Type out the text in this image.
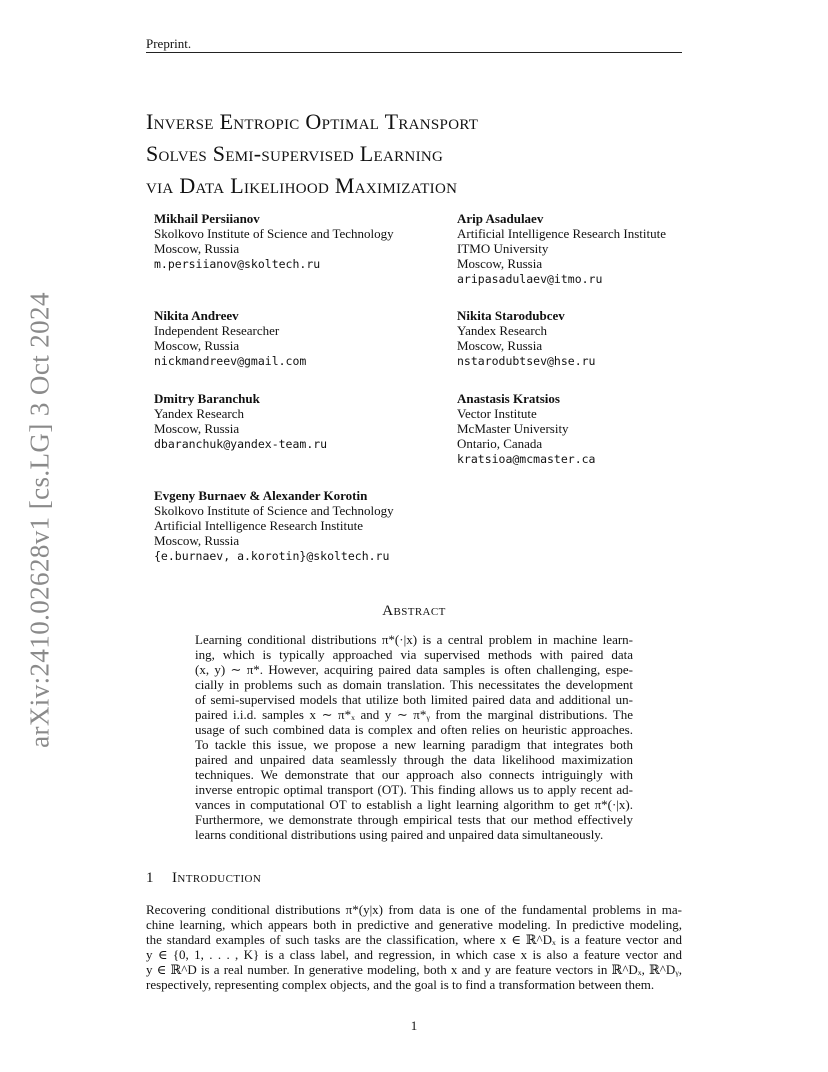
Preprint.
arXiv:2410.02628v1 [cs.LG] 3 Oct 2024
Inverse Entropic Optimal Transport
Solves Semi-supervised Learning
via Data Likelihood Maximization
Mikhail Persiianov
Skolkovo Institute of Science and Technology
Moscow, Russia
m.persiianov@skoltech.ru
Arip Asadulaev
Artificial Intelligence Research Institute
ITMO University
Moscow, Russia
aripasadulaev@itmo.ru
Nikita Andreev
Independent Researcher
Moscow, Russia
nickmandreev@gmail.com
Nikita Starodubcev
Yandex Research
Moscow, Russia
nstarodubtsev@hse.ru
Dmitry Baranchuk
Yandex Research
Moscow, Russia
dbaranchuk@yandex-team.ru
Anastasis Kratsios
Vector Institute
McMaster University
Ontario, Canada
kratsioa@mcmaster.ca
Evgeny Burnaev & Alexander Korotin
Skolkovo Institute of Science and Technology
Artificial Intelligence Research Institute
Moscow, Russia
{e.burnaev, a.korotin}@skoltech.ru
Abstract
Learning conditional distributions π*(·|x) is a central problem in machine learn-
ing, which is typically approached via supervised methods with paired data
(x, y) ∼ π*. However, acquiring paired data samples is often challenging, espe-
cially in problems such as domain translation. This necessitates the development
of semi-supervised models that utilize both limited paired data and additional un-
paired i.i.d. samples x ∼ π*ₓ and y ∼ π*ᵧ from the marginal distributions. The
usage of such combined data is complex and often relies on heuristic approaches.
To tackle this issue, we propose a new learning paradigm that integrates both
paired and unpaired data seamlessly through the data likelihood maximization
techniques. We demonstrate that our approach also connects intriguingly with
inverse entropic optimal transport (OT). This finding allows us to apply recent ad-
vances in computational OT to establish a light learning algorithm to get π*(·|x).
Furthermore, we demonstrate through empirical tests that our method effectively
learns conditional distributions using paired and unpaired data simultaneously.
1 Introduction
Recovering conditional distributions π*(y|x) from data is one of the fundamental problems in ma-
chine learning, which appears both in predictive and generative modeling. In predictive modeling,
the standard examples of such tasks are the classification, where x ∈ ℝ^Dₓ is a feature vector and
y ∈ {0, 1, . . . , K} is a class label, and regression, in which case x is also a feature vector and
y ∈ ℝ^D is a real number. In generative modeling, both x and y are feature vectors in ℝ^Dₓ, ℝ^Dᵧ,
respectively, representing complex objects, and the goal is to find a transformation between them.
1
